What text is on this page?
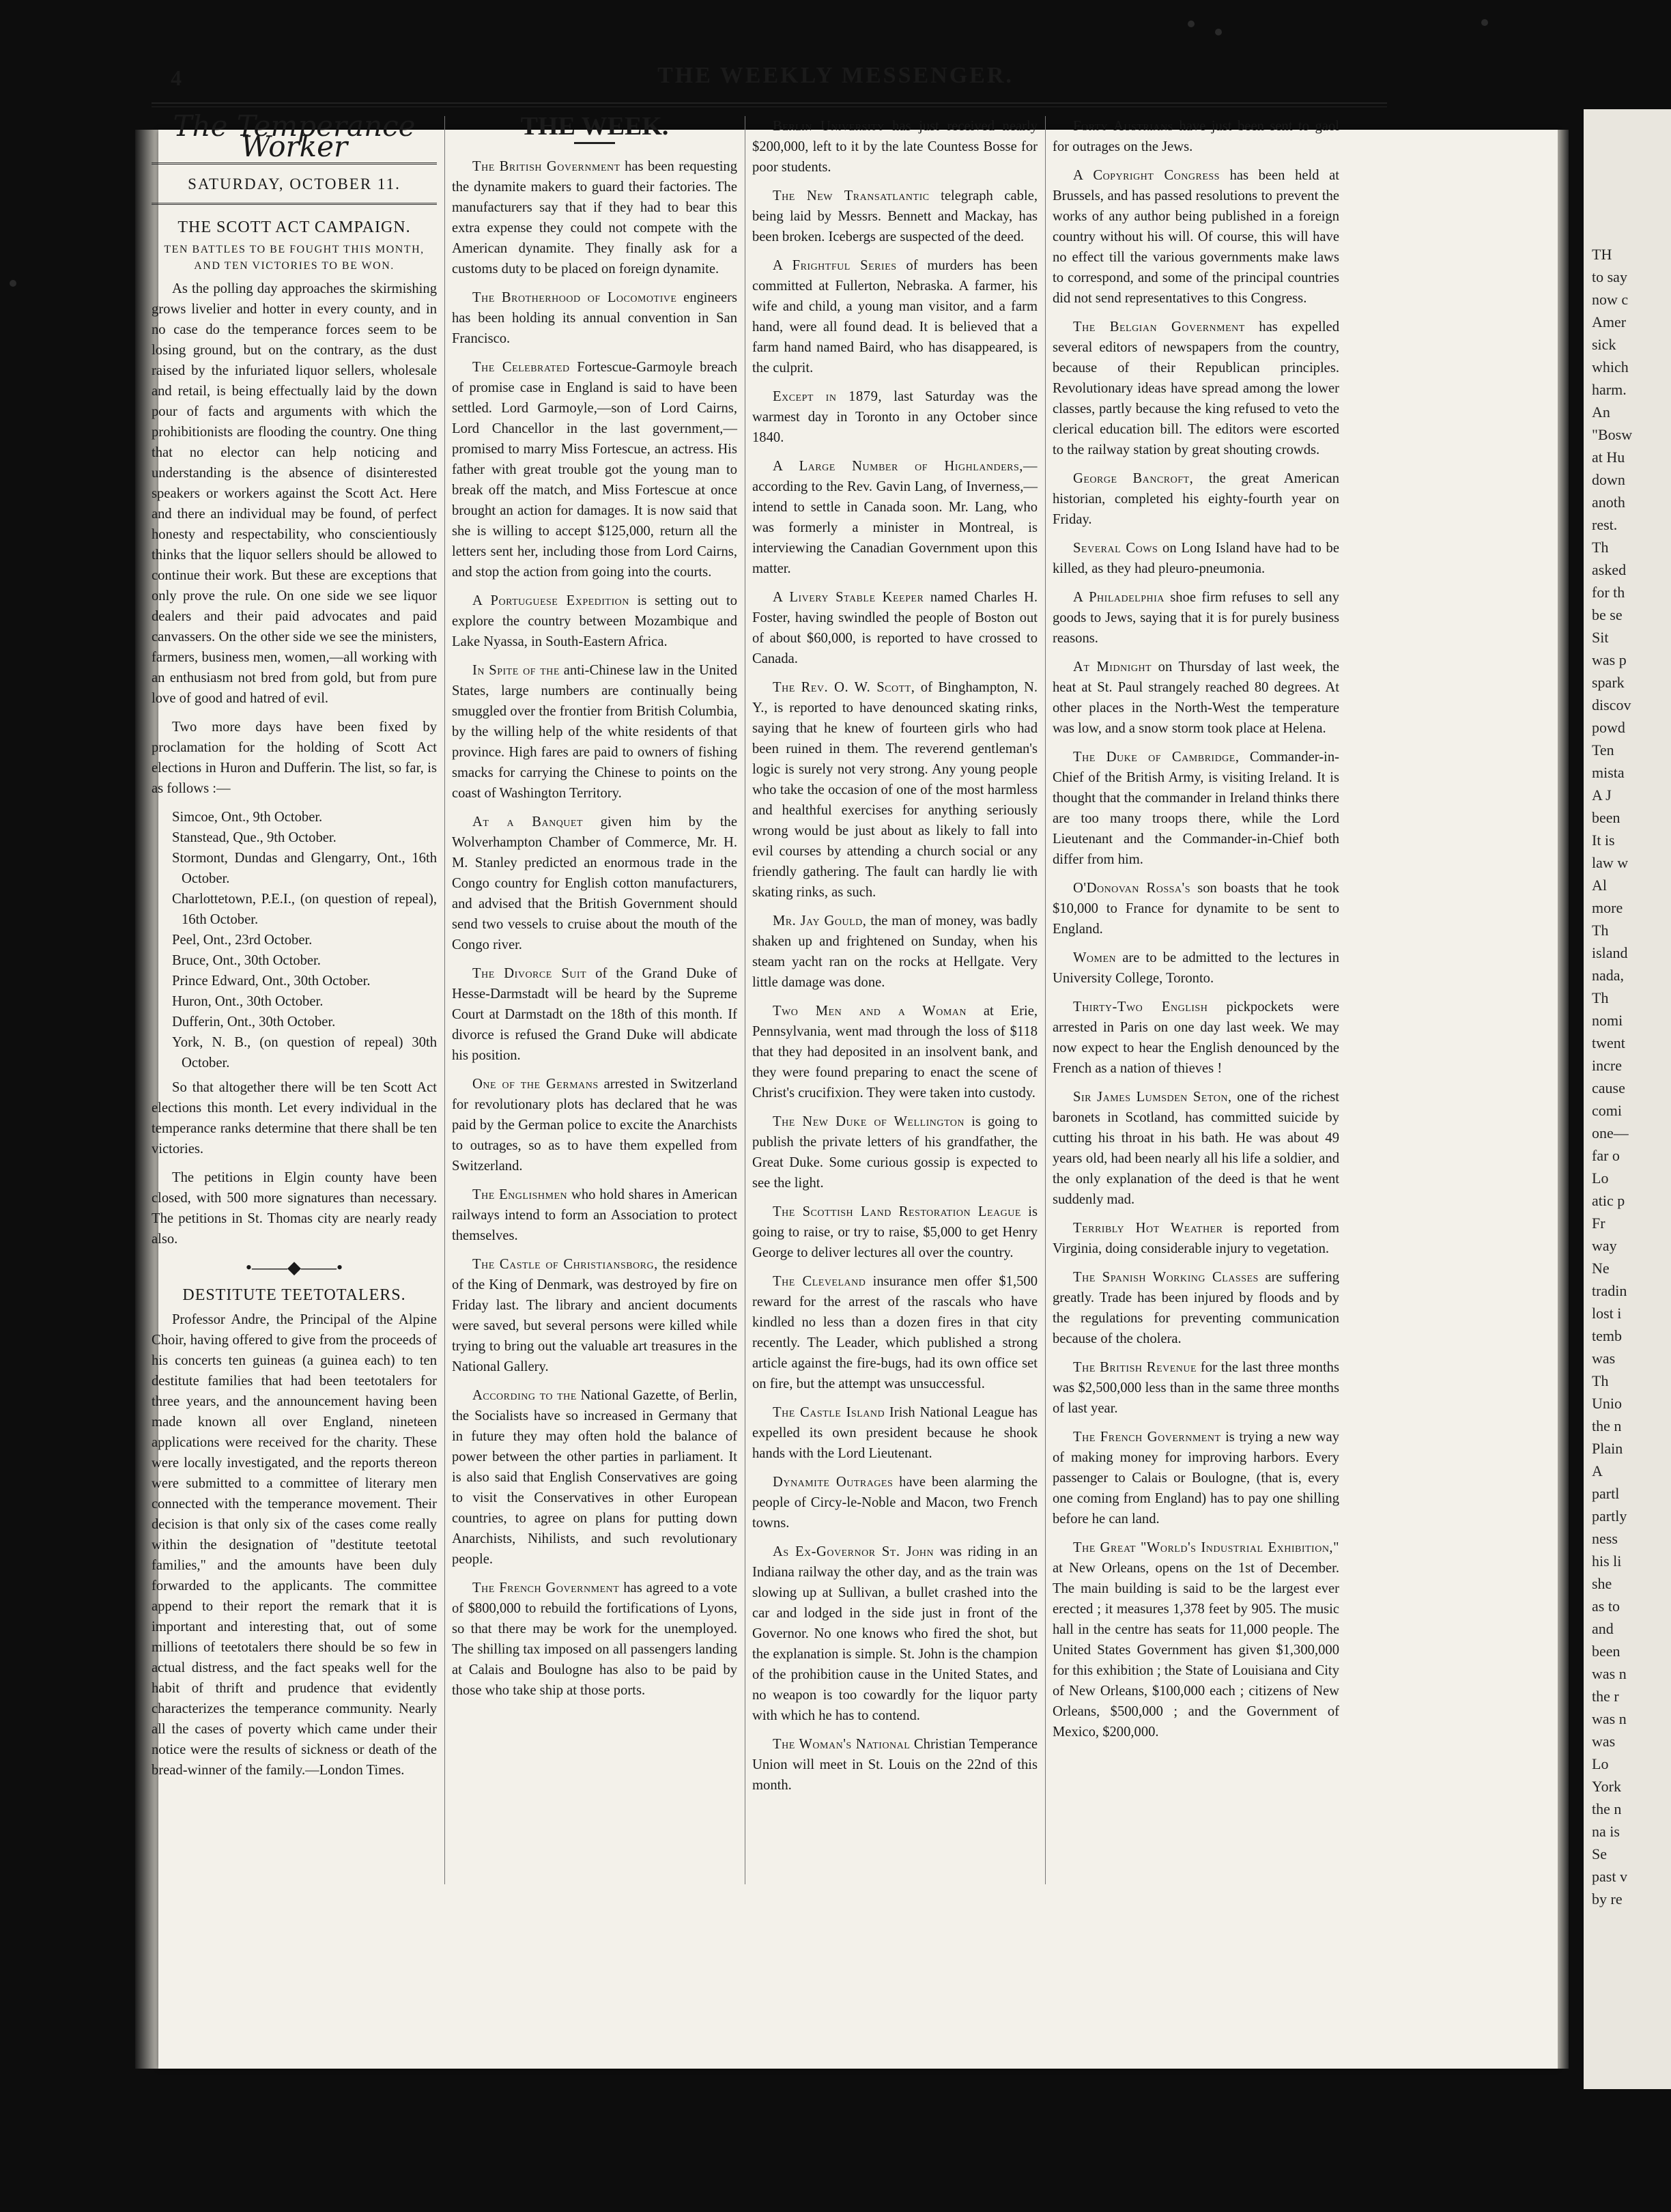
TH
to say
now c
Amer
sick
which
harm.
An
"Bosw
at Hu
down
anoth
rest.
Th
asked
for th
be se
Sit
was p
spark
discov
powd
Ten
mista
A J
been
It is
law w
Al
more
Th
island
nada,
Th
nomi
twent
incre
cause
comi
one—
far o
Lo
atic p
Fr
way
Ne
tradin
lost i
temb
was
Th
Unio
the n
Plain
A
partl
partly
ness
his li
she
as to
and
been
was n
the r
was n
was
Lo
York
the n
na is
Se
past v
by re
4	THE WEEKLY MESSENGER.
The Temperance Worker
SATURDAY, OCTOBER 11.
THE SCOTT ACT CAMPAIGN.
TEN BATTLES TO BE FOUGHT THIS MONTH, AND TEN VICTORIES TO BE WON.

As the polling day approaches the skirmishing grows livelier and hotter in every county, and in no case do the temperance forces seem to be losing ground, but on the contrary, as the dust raised by the infuriated liquor sellers, wholesale and retail, is being effectually laid by the down pour of facts and arguments with which the prohibitionists are flooding the country. One thing that no elector can help noticing and understanding is the absence of disinterested speakers or workers against the Scott Act. Here and there an individual may be found, of perfect honesty and respectability, who conscientiously thinks that the liquor sellers should be allowed to continue their work. But these are exceptions that only prove the rule. On one side we see liquor dealers and their paid advocates and paid canvassers. On the other side we see the ministers, farmers, business men, women,—all working with an enthusiasm not bred from gold, but from pure love of good and hatred of evil.

Two more days have been fixed by proclamation for the holding of Scott Act elections in Huron and Dufferin. The list, so far, is as follows :—

Simcoe, Ont., 9th October.
Stanstead, Que., 9th October.
Stormont, Dundas and Glengarry, Ont., 16th October.
Charlottetown, P.E.I., (on question of repeal), 16th October.
Peel, Ont., 23rd October.
Bruce, Ont., 30th October.
Prince Edward, Ont., 30th October.
Huron, Ont., 30th October.
Dufferin, Ont., 30th October.
York, N. B., (on question of repeal) 30th October.

So that altogether there will be ten Scott Act elections this month. Let every individual in the temperance ranks determine that there shall be ten victories.

The petitions in Elgin county have been closed, with 500 more signatures than necessary. The petitions in St. Thomas city are nearly ready also.

•——◆——•
DESTITUTE TEETOTALERS.

Professor Andre, the Principal of the Alpine Choir, having offered to give from the proceeds of his concerts ten guineas (a guinea each) to ten destitute families that had been teetotalers for three years, and the announcement having been made known all over England, nineteen applications were received for the charity. These were locally investigated, and the reports thereon were submitted to a committee of literary men connected with the temperance movement. Their decision is that only six of the cases come really within the designation of "destitute teetotal families," and the amounts have been duly forwarded to the applicants. The committee append to their report the remark that it is important and interesting that, out of some millions of teetotalers there should be so few in actual distress, and the fact speaks well for the habit of thrift and prudence that evidently characterizes the temperance community. Nearly all the cases of poverty which came under their notice were the results of sickness or death of the bread-winner of the family.—London Times.

THE WEEK.

The British Government has been requesting the dynamite makers to guard their factories. The manufacturers say that if they had to bear this extra expense they could not compete with the American dynamite. They finally ask for a customs duty to be placed on foreign dynamite.

The Brotherhood of Locomotive engineers has been holding its annual convention in San Francisco.

The Celebrated Fortescue-Garmoyle breach of promise case in England is said to have been settled. Lord Garmoyle,—son of Lord Cairns, Lord Chancellor in the last government,— promised to marry Miss Fortescue, an actress. His father with great trouble got the young man to break off the match, and Miss Fortescue at once brought an action for damages. It is now said that she is willing to accept $125,000, return all the letters sent her, including those from Lord Cairns, and stop the action from going into the courts.

A Portuguese Expedition is setting out to explore the country between Mozambique and Lake Nyassa, in South-Eastern Africa.

In Spite of the anti-Chinese law in the United States, large numbers are continually being smuggled over the frontier from British Columbia, by the willing help of the white residents of that province. High fares are paid to owners of fishing smacks for carrying the Chinese to points on the coast of Washington Territory.

At a Banquet given him by the Wolverhampton Chamber of Commerce, Mr. H. M. Stanley predicted an enormous trade in the Congo country for English cotton manufacturers, and advised that the British Government should send two vessels to cruise about the mouth of the Congo river.

The Divorce Suit of the Grand Duke of Hesse-Darmstadt will be heard by the Supreme Court at Darmstadt on the 18th of this month. If divorce is refused the Grand Duke will abdicate his position.

One of the Germans arrested in Switzerland for revolutionary plots has declared that he was paid by the German police to excite the Anarchists to outrages, so as to have them expelled from Switzerland.

The Englishmen who hold shares in American railways intend to form an Association to protect themselves.

The Castle of Christiansborg, the residence of the King of Denmark, was destroyed by fire on Friday last. The library and ancient documents were saved, but several persons were killed while trying to bring out the valuable art treasures in the National Gallery.

According to the National Gazette, of Berlin, the Socialists have so increased in Germany that in future they may often hold the balance of power between the other parties in parliament. It is also said that English Conservatives are going to visit the Conservatives in other European countries, to agree on plans for putting down Anarchists, Nihilists, and such revolutionary people.

The French Government has agreed to a vote of $800,000 to rebuild the fortifications of Lyons, so that there may be work for the unemployed. The shilling tax imposed on all passengers landing at Calais and Boulogne has also to be paid by those who take ship at those ports.

Berlin University has just received nearly $200,000, left to it by the late Countess Bosse for poor students.

The New Transatlantic telegraph cable, being laid by Messrs. Bennett and Mackay, has been broken. Icebergs are suspected of the deed.

A Frightful Series of murders has been committed at Fullerton, Nebraska. A farmer, his wife and child, a young man visitor, and a farm hand, were all found dead. It is believed that a farm hand named Baird, who has disappeared, is the culprit.

Except in 1879, last Saturday was the warmest day in Toronto in any October since 1840.

A Large Number of Highlanders,— according to the Rev. Gavin Lang, of Inverness,—intend to settle in Canada soon. Mr. Lang, who was formerly a minister in Montreal, is interviewing the Canadian Government upon this matter.

A Livery Stable Keeper named Charles H. Foster, having swindled the people of Boston out of about $60,000, is reported to have crossed to Canada.

The Rev. O. W. Scott, of Binghampton, N. Y., is reported to have denounced skating rinks, saying that he knew of fourteen girls who had been ruined in them. The reverend gentleman's logic is surely not very strong. Any young people who take the occasion of one of the most harmless and healthful exercises for anything seriously wrong would be just about as likely to fall into evil courses by attending a church social or any friendly gathering. The fault can hardly lie with skating rinks, as such.

Mr. Jay Gould, the man of money, was badly shaken up and frightened on Sunday, when his steam yacht ran on the rocks at Hellgate. Very little damage was done.

Two Men and a Woman at Erie, Pennsylvania, went mad through the loss of $118 that they had deposited in an insolvent bank, and they were found preparing to enact the scene of Christ's crucifixion. They were taken into custody.

The New Duke of Wellington is going to publish the private letters of his grandfather, the Great Duke. Some curious gossip is expected to see the light.

The Scottish Land Restoration League is going to raise, or try to raise, $5,000 to get Henry George to deliver lectures all over the country.

The Cleveland insurance men offer $1,500 reward for the arrest of the rascals who have kindled no less than a dozen fires in that city recently. The Leader, which published a strong article against the fire-bugs, had its own office set on fire, but the attempt was unsuccessful.

The Castle Island Irish National League has expelled its own president because he shook hands with the Lord Lieutenant.

Dynamite Outrages have been alarming the people of Circy-le-Noble and Macon, two French towns.

As Ex-Governor St. John was riding in an Indiana railway the other day, and as the train was slowing up at Sullivan, a bullet crashed into the car and lodged in the side just in front of the Governor. No one knows who fired the shot, but the explanation is simple. St. John is the champion of the prohibition cause in the United States, and no weapon is too cowardly for the liquor party with which he has to contend.

The Woman's National Christian Temperance Union will meet in St. Louis on the 22nd of this month.

Forty Austrians have just been sent to gaol for outrages on the Jews.

A Copyright Congress has been held at Brussels, and has passed resolutions to prevent the works of any author being published in a foreign country without his will. Of course, this will have no effect till the various governments make laws to correspond, and some of the principal countries did not send representatives to this Congress.

The Belgian Government has expelled several editors of newspapers from the country, because of their Republican principles. Revolutionary ideas have spread among the lower classes, partly because the king refused to veto the clerical education bill. The editors were escorted to the railway station by great shouting crowds.

George Bancroft, the great American historian, completed his eighty-fourth year on Friday.

Several Cows on Long Island have had to be killed, as they had pleuro-pneumonia.

A Philadelphia shoe firm refuses to sell any goods to Jews, saying that it is for purely business reasons.

At Midnight on Thursday of last week, the heat at St. Paul strangely reached 80 degrees. At other places in the North-West the temperature was low, and a snow storm took place at Helena.

The Duke of Cambridge, Commander-in-Chief of the British Army, is visiting Ireland. It is thought that the commander in Ireland thinks there are too many troops there, while the Lord Lieutenant and the Commander-in-Chief both differ from him.

O'Donovan Rossa's son boasts that he took $10,000 to France for dynamite to be sent to England.

Women are to be admitted to the lectures in University College, Toronto.

Thirty-Two English pickpockets were arrested in Paris on one day last week. We may now expect to hear the English denounced by the French as a nation of thieves !

Sir James Lumsden Seton, one of the richest baronets in Scotland, has committed suicide by cutting his throat in his bath. He was about 49 years old, had been nearly all his life a soldier, and the only explanation of the deed is that he went suddenly mad.

Terribly Hot Weather is reported from Virginia, doing considerable injury to vegetation.

The Spanish Working Classes are suffering greatly. Trade has been injured by floods and by the regulations for preventing communication because of the cholera.

The British Revenue for the last three months was $2,500,000 less than in the same three months of last year.

The French Government is trying a new way of making money for improving harbors. Every passenger to Calais or Boulogne, (that is, every one coming from England) has to pay one shilling before he can land.

The Great "World's Industrial Exhibition," at New Orleans, opens on the 1st of December. The main building is said to be the largest ever erected ; it measures 1,378 feet by 905. The music hall in the centre has seats for 11,000 people. The United States Government has given $1,300,000 for this exhibition ; the State of Louisiana and City of New Orleans, $100,000 each ; citizens of New Orleans, $500,000 ; and the Government of Mexico, $200,000.
